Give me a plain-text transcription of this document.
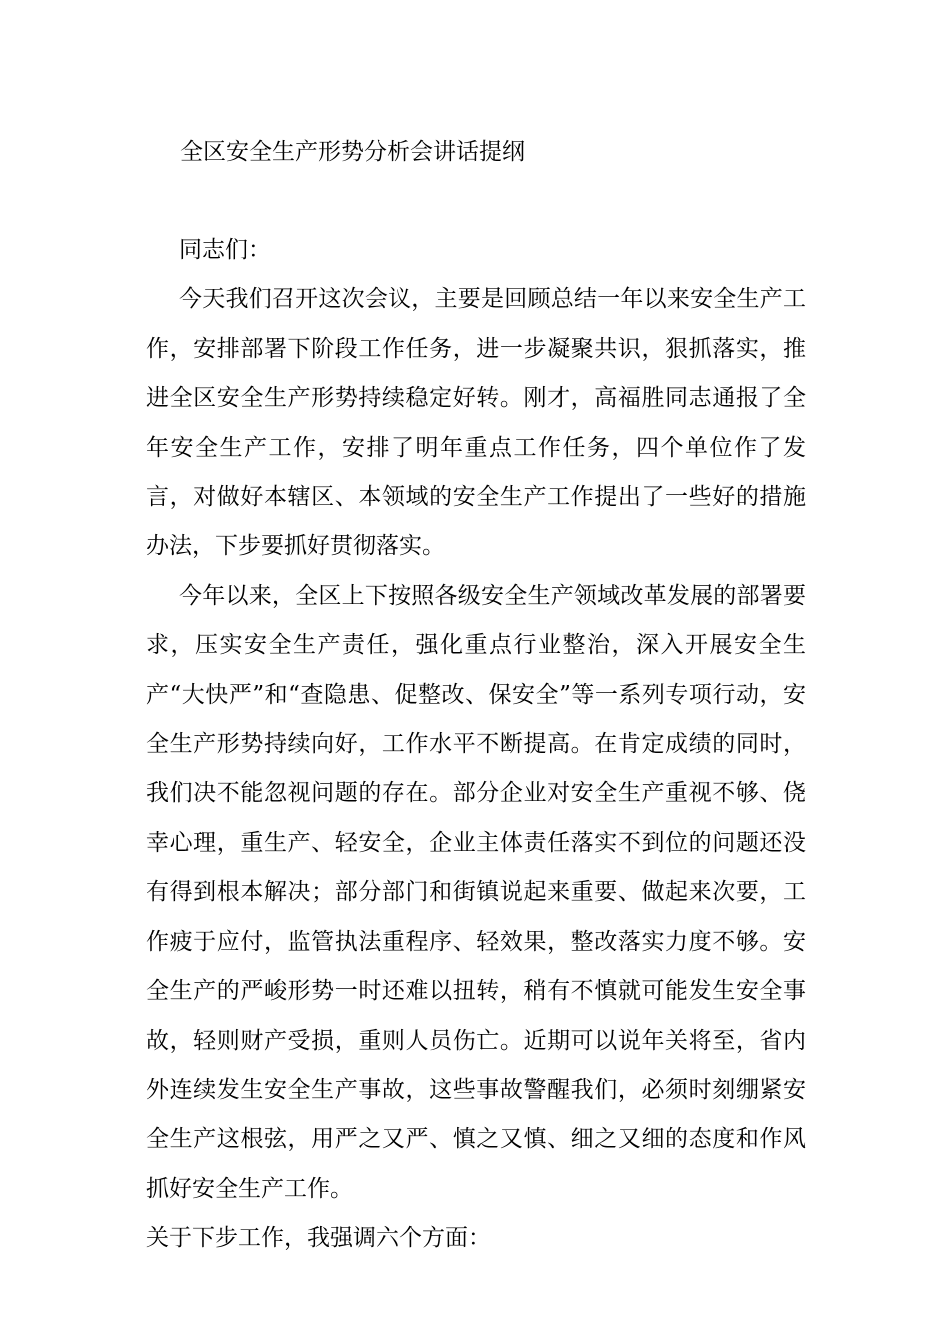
全区安全生产形势分析会讲话提纲

同志们：

今天我们召开这次会议，主要是回顾总结一年以来安全生产工作，安排部署下阶段工作任务，进一步凝聚共识，狠抓落实，推进全区安全生产形势持续稳定好转。刚才，高福胜同志通报了全年安全生产工作，安排了明年重点工作任务，四个单位作了发言，对做好本辖区、本领域的安全生产工作提出了一些好的措施办法，下步要抓好贯彻落实。

今年以来，全区上下按照各级安全生产领域改革发展的部署要求，压实安全生产责任，强化重点行业整治，深入开展安全生产“大快严”和“查隐患、促整改、保安全”等一系列专项行动，安全生产形势持续向好，工作水平不断提高。在肯定成绩的同时，我们决不能忽视问题的存在。部分企业对安全生产重视不够、侥幸心理，重生产、轻安全，企业主体责任落实不到位的问题还没有得到根本解决；部分部门和街镇说起来重要、做起来次要，工作疲于应付，监管执法重程序、轻效果，整改落实力度不够。安全生产的严峻形势一时还难以扭转，稍有不慎就可能发生安全事故，轻则财产受损，重则人员伤亡。近期可以说年关将至，省内外连续发生安全生产事故，这些事故警醒我们，必须时刻绷紧安全生产这根弦，用严之又严、慎之又慎、细之又细的态度和作风抓好安全生产工作。

关于下步工作，我强调六个方面：
